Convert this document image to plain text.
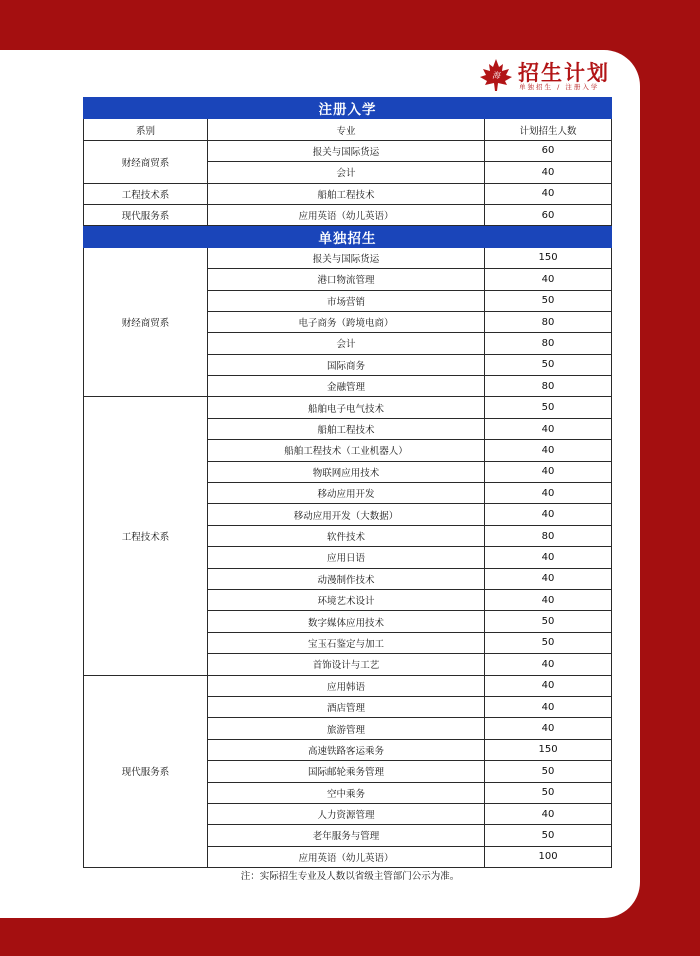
海 招生计划
单独招生 / 注册入学
注册入学		
系别	专业	计划招生人数
财经商贸系	报关与国际货运	60
	会计	40
工程技术系	船舶工程技术	40
现代服务系	应用英语（幼儿英语）	60
单独招生		
财经商贸系	报关与国际货运	150
	港口物流管理	40
	市场营销	50
	电子商务（跨境电商）	80
	会计	80
	国际商务	50
	金融管理	80
工程技术系	船舶电子电气技术	50
	船舶工程技术	40
	船舶工程技术（工业机器人）	40
	物联网应用技术	40
	移动应用开发	40
	移动应用开发（大数据）	40
	软件技术	80
	应用日语	40
	动漫制作技术	40
	环境艺术设计	40
	数字媒体应用技术	50
	宝玉石鉴定与加工	50
	首饰设计与工艺	40
现代服务系	应用韩语	40
	酒店管理	40
	旅游管理	40
	高速铁路客运乘务	150
	国际邮轮乘务管理	50
	空中乘务	50
	人力资源管理	40
	老年服务与管理	50
	应用英语（幼儿英语）	100
注：实际招生专业及人数以省级主管部门公示为准。
